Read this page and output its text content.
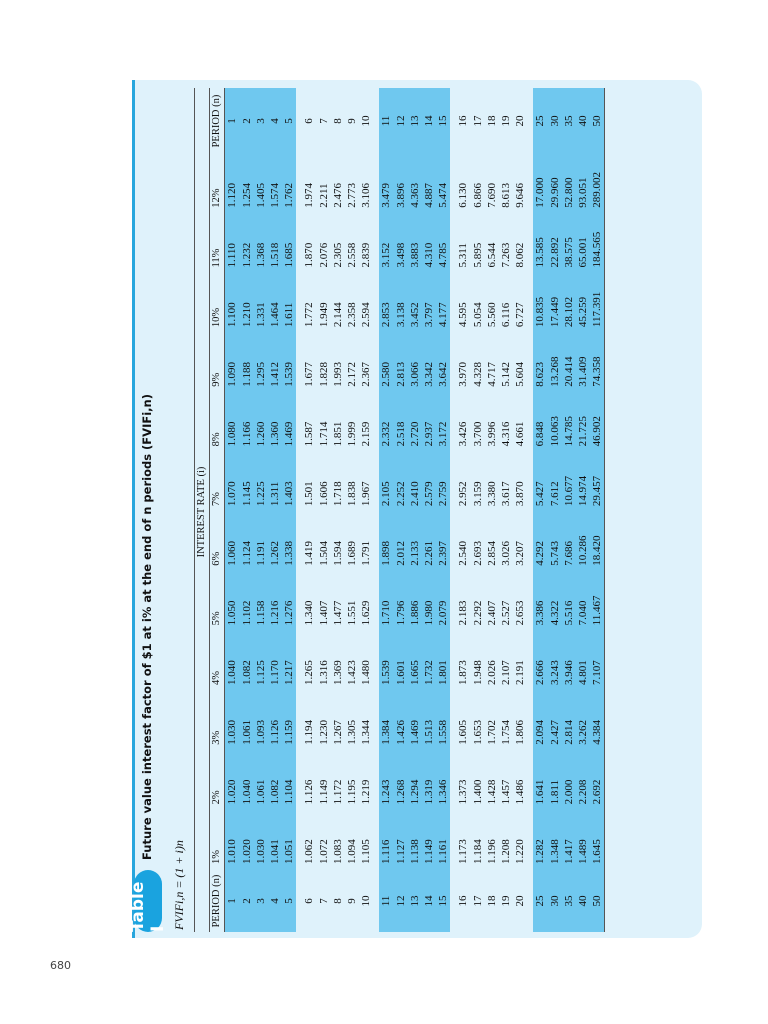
680
Table I
Future value interest factor of $1 at i% at the end of n periods (FVIFi,n)
FVIFi,n = (1 + i)n
	INTEREST RATE (i)												
PERIOD (n)	1%	2%	3%	4%	5%	6%	7%	8%	9%	10%	11%	12%	PERIOD (n)
1	1.010	1.020	1.030	1.040	1.050	1.060	1.070	1.080	1.090	1.100	1.110	1.120	1
2	1.020	1.040	1.061	1.082	1.102	1.124	1.145	1.166	1.188	1.210	1.232	1.254	2
3	1.030	1.061	1.093	1.125	1.158	1.191	1.225	1.260	1.295	1.331	1.368	1.405	3
4	1.041	1.082	1.126	1.170	1.216	1.262	1.311	1.360	1.412	1.464	1.518	1.574	4
5	1.051	1.104	1.159	1.217	1.276	1.338	1.403	1.469	1.539	1.611	1.685	1.762	5

6	1.062	1.126	1.194	1.265	1.340	1.419	1.501	1.587	1.677	1.772	1.870	1.974	6
7	1.072	1.149	1.230	1.316	1.407	1.504	1.606	1.714	1.828	1.949	2.076	2.211	7
8	1.083	1.172	1.267	1.369	1.477	1.594	1.718	1.851	1.993	2.144	2.305	2.476	8
9	1.094	1.195	1.305	1.423	1.551	1.689	1.838	1.999	2.172	2.358	2.558	2.773	9
10	1.105	1.219	1.344	1.480	1.629	1.791	1.967	2.159	2.367	2.594	2.839	3.106	10

11	1.116	1.243	1.384	1.539	1.710	1.898	2.105	2.332	2.580	2.853	3.152	3.479	11
12	1.127	1.268	1.426	1.601	1.796	2.012	2.252	2.518	2.813	3.138	3.498	3.896	12
13	1.138	1.294	1.469	1.665	1.886	2.133	2.410	2.720	3.066	3.452	3.883	4.363	13
14	1.149	1.319	1.513	1.732	1.980	2.261	2.579	2.937	3.342	3.797	4.310	4.887	14
15	1.161	1.346	1.558	1.801	2.079	2.397	2.759	3.172	3.642	4.177	4.785	5.474	15

16	1.173	1.373	1.605	1.873	2.183	2.540	2.952	3.426	3.970	4.595	5.311	6.130	16
17	1.184	1.400	1.653	1.948	2.292	2.693	3.159	3.700	4.328	5.054	5.895	6.866	17
18	1.196	1.428	1.702	2.026	2.407	2.854	3.380	3.996	4.717	5.560	6.544	7.690	18
19	1.208	1.457	1.754	2.107	2.527	3.026	3.617	4.316	5.142	6.116	7.263	8.613	19
20	1.220	1.486	1.806	2.191	2.653	3.207	3.870	4.661	5.604	6.727	8.062	9.646	20

25	1.282	1.641	2.094	2.666	3.386	4.292	5.427	6.848	8.623	10.835	13.585	17.000	25
30	1.348	1.811	2.427	3.243	4.322	5.743	7.612	10.063	13.268	17.449	22.892	29.960	30
35	1.417	2.000	2.814	3.946	5.516	7.686	10.677	14.785	20.414	28.102	38.575	52.800	35
40	1.489	2.208	3.262	4.801	7.040	10.286	14.974	21.725	31.409	45.259	65.001	93.051	40
50	1.645	2.692	4.384	7.107	11.467	18.420	29.457	46.902	74.358	117.391	184.565	289.002	50
